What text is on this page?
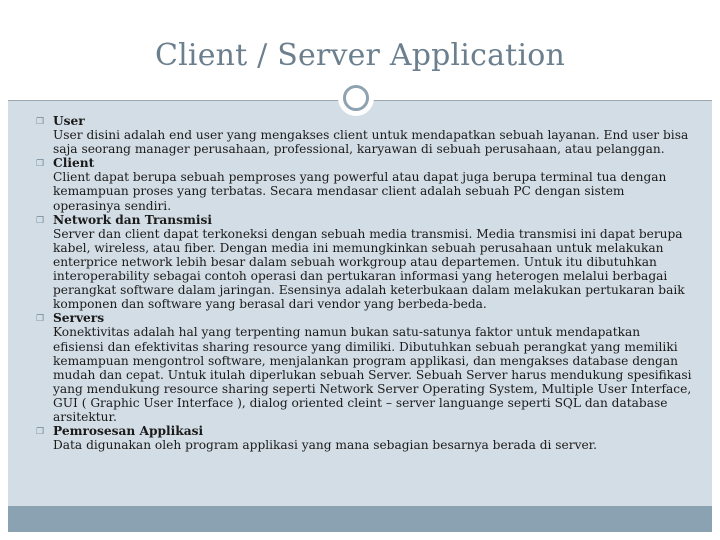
Client / Server Application
❐ User
User disini adalah end user yang mengakses client untuk mendapatkan sebuah layanan. End user bisa saja seorang manager perusahaan, professional, karyawan di sebuah perusahaan, atau pelanggan.
❐ Client
Client dapat berupa sebuah pemproses yang powerful atau dapat juga berupa terminal tua dengan kemampuan proses yang terbatas. Secara mendasar client adalah sebuah PC dengan sistem operasinya sendiri.
❐ Network dan Transmisi
Server dan client dapat terkoneksi dengan sebuah media transmisi. Media transmisi ini dapat berupa kabel, wireless, atau fiber. Dengan media ini memungkinkan sebuah perusahaan untuk melakukan enterprice network lebih besar dalam sebuah workgroup atau departemen. Untuk itu dibutuhkan interoperability sebagai contoh operasi dan pertukaran informasi yang heterogen melalui berbagai perangkat software dalam jaringan. Esensinya adalah keterbukaan dalam melakukan pertukaran baik komponen dan software yang berasal dari vendor yang berbeda-beda.
❐ Servers
Konektivitas adalah hal yang terpenting namun bukan satu-satunya faktor untuk mendapatkan efisiensi dan efektivitas sharing resource yang dimiliki. Dibutuhkan sebuah perangkat yang memiliki kemampuan mengontrol software, menjalankan program applikasi, dan mengakses database dengan mudah dan cepat. Untuk itulah diperlukan sebuah Server. Sebuah Server harus mendukung spesifikasi yang mendukung resource sharing seperti Network Server Operating System, Multiple User Interface, GUI ( Graphic User Interface ), dialog oriented cleint – server languange seperti SQL dan database arsitektur.
❐ Pemrosesan Applikasi
Data digunakan oleh program applikasi yang mana sebagian besarnya berada di server.
